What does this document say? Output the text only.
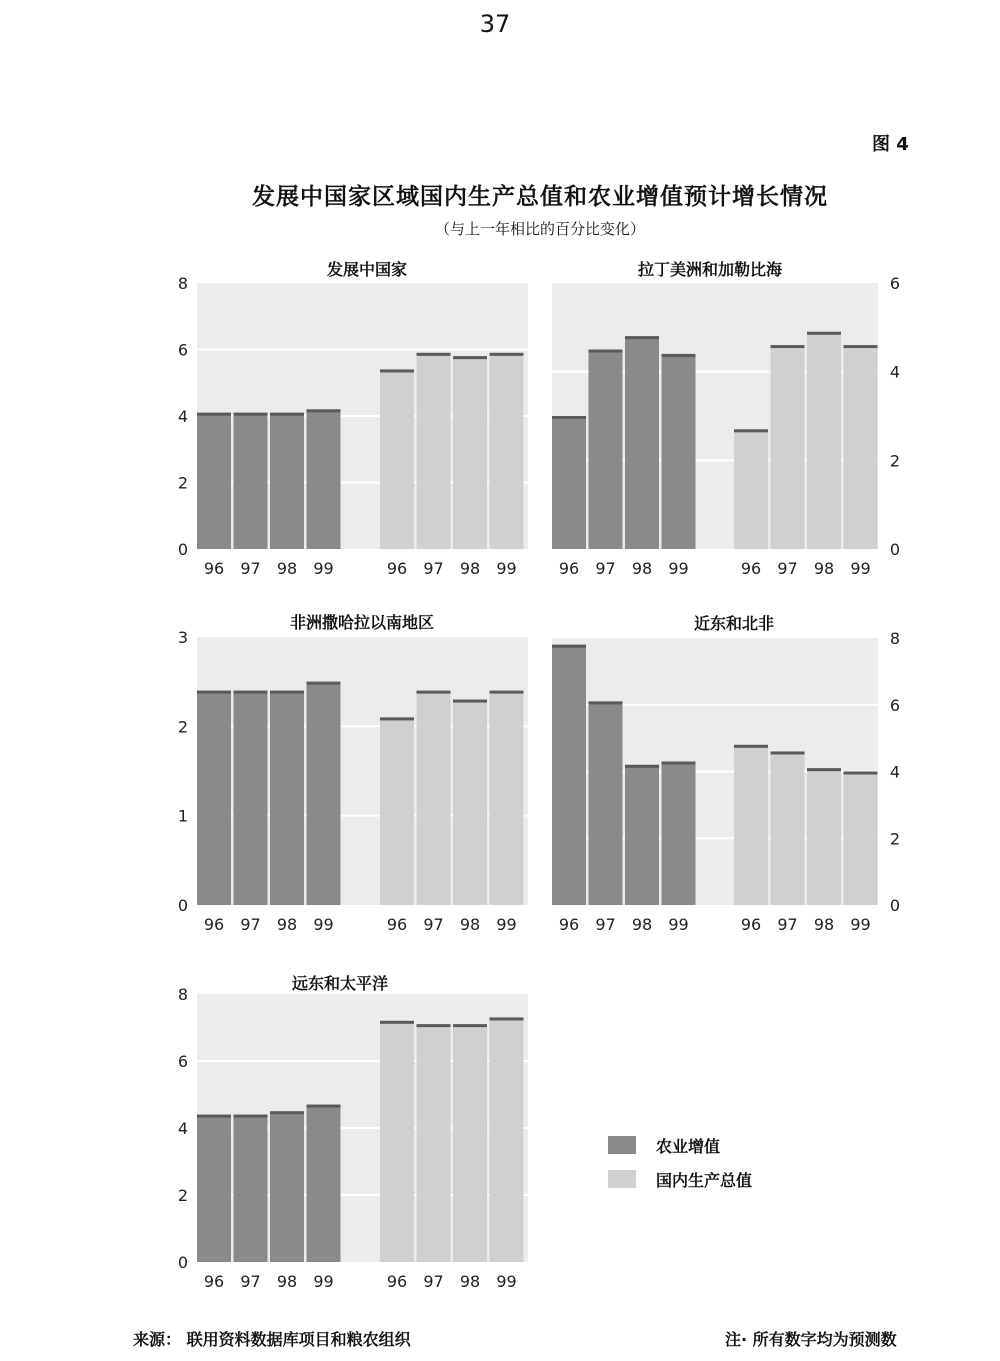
37
图 4
发展中国家区域国内生产总值和农业增值预计增长情况
（与上一年相比的百分比变化）
0
2
4
6
8
96 97 98 99	96 97 98 99
发展中国家
0
2
4
6
96 97 98 99	96 97 98 99
拉丁美洲和加勒比海
0
1
2
3
96 97 98 99	96 97 98 99
非洲撒哈拉以南地区
0
2
4
6
8
96 97 98 99	96 97 98 99
近东和北非
0
2
4
6
8
96 97 98 99	96 97 98 99
远东和太平洋
农业增值
国内生产总值
来源： 联用资料数据库项目和粮农组织	注· 所有数字均为预测数
